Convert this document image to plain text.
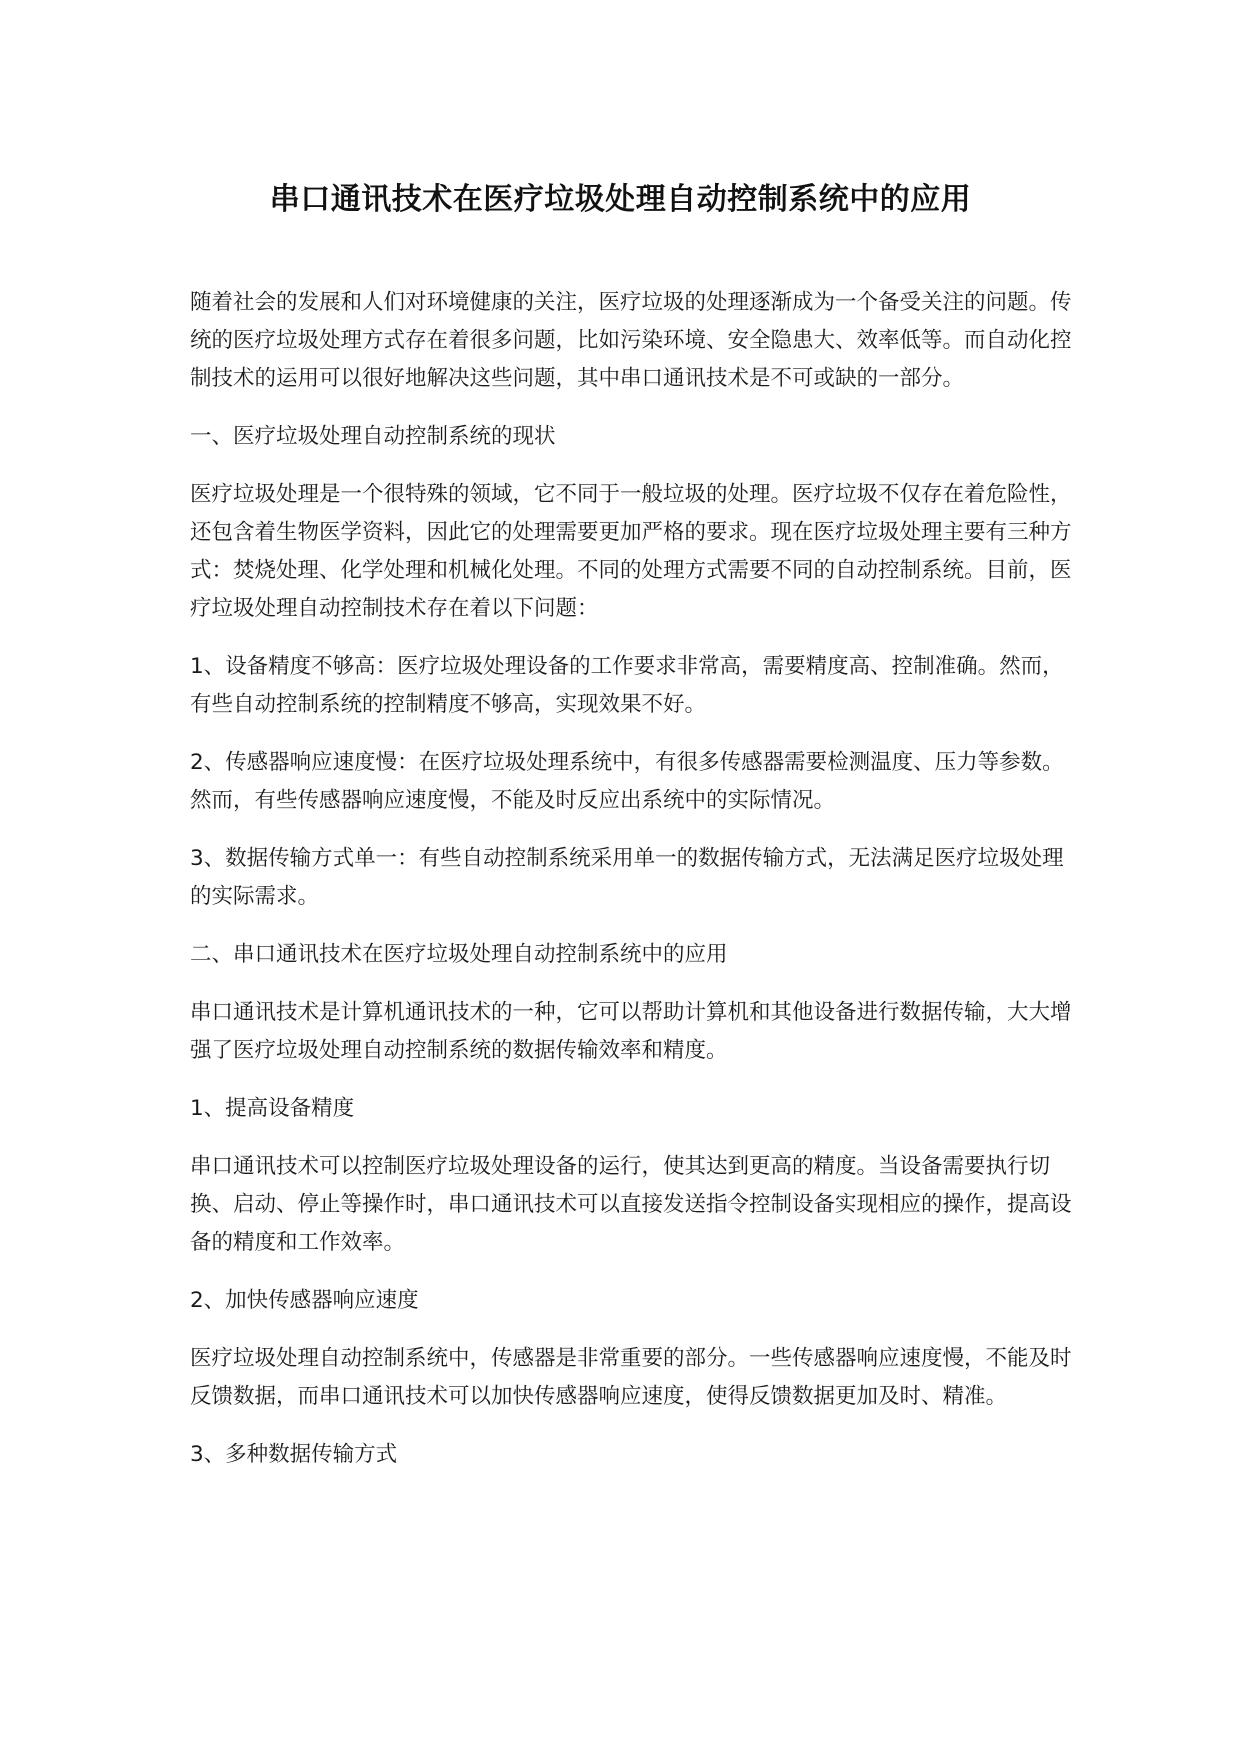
串口通讯技术在医疗垃圾处理自动控制系统中的应用

随着社会的发展和人们对环境健康的关注，医疗垃圾的处理逐渐成为一个备受关注的问题。传统的医疗垃圾处理方式存在着很多问题，比如污染环境、安全隐患大、效率低等。而自动化控制技术的运用可以很好地解决这些问题，其中串口通讯技术是不可或缺的一部分。

一、医疗垃圾处理自动控制系统的现状

医疗垃圾处理是一个很特殊的领域，它不同于一般垃圾的处理。医疗垃圾不仅存在着危险性，还包含着生物医学资料，因此它的处理需要更加严格的要求。现在医疗垃圾处理主要有三种方式：焚烧处理、化学处理和机械化处理。不同的处理方式需要不同的自动控制系统。目前，医疗垃圾处理自动控制技术存在着以下问题：

1、设备精度不够高：医疗垃圾处理设备的工作要求非常高，需要精度高、控制准确。然而，有些自动控制系统的控制精度不够高，实现效果不好。

2、传感器响应速度慢：在医疗垃圾处理系统中，有很多传感器需要检测温度、压力等参数。然而，有些传感器响应速度慢，不能及时反应出系统中的实际情况。

3、数据传输方式单一：有些自动控制系统采用单一的数据传输方式，无法满足医疗垃圾处理的实际需求。

二、串口通讯技术在医疗垃圾处理自动控制系统中的应用

串口通讯技术是计算机通讯技术的一种，它可以帮助计算机和其他设备进行数据传输，大大增强了医疗垃圾处理自动控制系统的数据传输效率和精度。

1、提高设备精度

串口通讯技术可以控制医疗垃圾处理设备的运行，使其达到更高的精度。当设备需要执行切换、启动、停止等操作时，串口通讯技术可以直接发送指令控制设备实现相应的操作，提高设备的精度和工作效率。

2、加快传感器响应速度

医疗垃圾处理自动控制系统中，传感器是非常重要的部分。一些传感器响应速度慢，不能及时反馈数据，而串口通讯技术可以加快传感器响应速度，使得反馈数据更加及时、精准。

3、多种数据传输方式
